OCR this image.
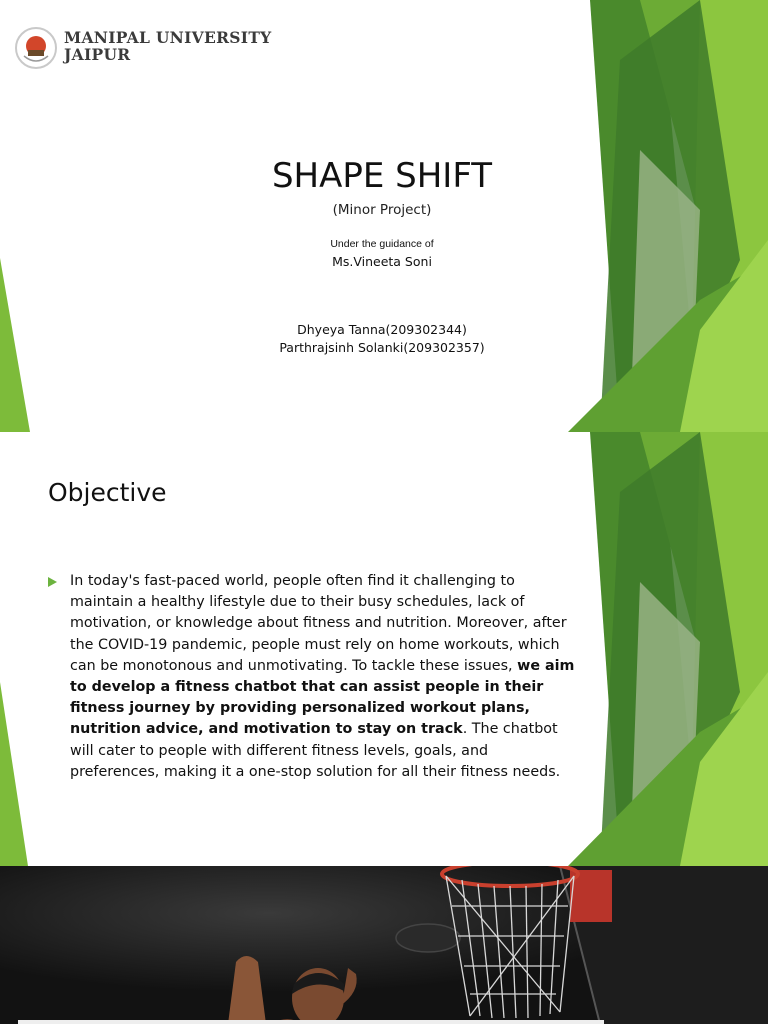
MANIPAL UNIVERSITY
JAIPUR
SHAPE SHIFT
(Minor Project)
Under the guidance of
Ms.Vineeta Soni
Dhyeya Tanna(209302344)
Parthrajsinh Solanki(209302357)
Objective
In today's fast-paced world, people often find it challenging to maintain a healthy lifestyle due to their busy schedules, lack of motivation, or knowledge about fitness and nutrition. Moreover, after the COVID-19 pandemic, people must rely on home workouts, which can be monotonous and unmotivating. To tackle these issues, we aim to develop a fitness chatbot that can assist people in their fitness journey by providing personalized workout plans, nutrition advice, and motivation to stay on track. The chatbot will cater to people with different fitness levels, goals, and preferences, making it a one-stop solution for all their fitness needs.
